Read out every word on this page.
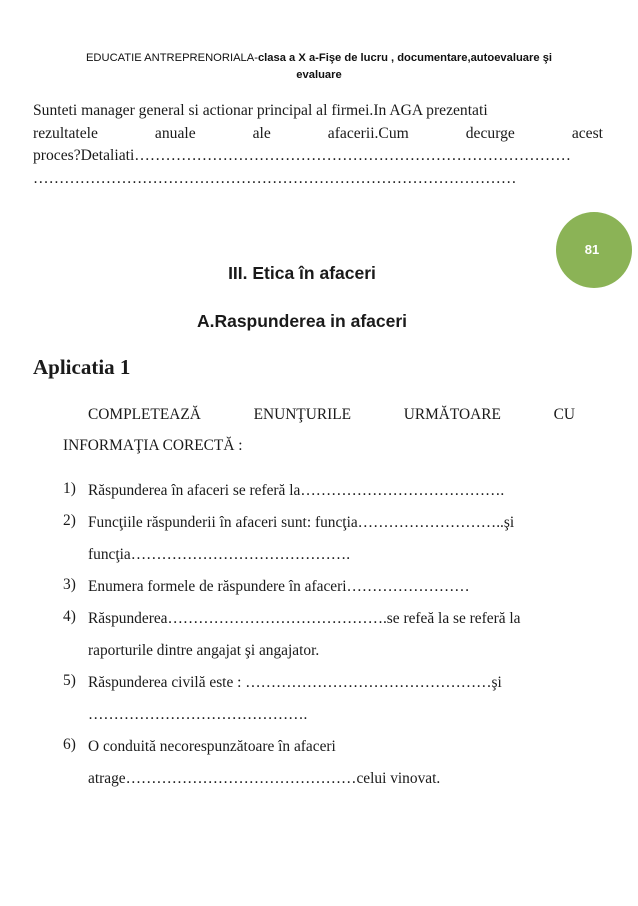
EDUCATIE ANTREPRENORIALA-clasa a X a-Fişe de lucru , documentare,autoevaluare şi
evaluare

Sunteti manager general si actionar principal al firmei.In AGA prezentati

rezultatele anuale ale afacerii.Cum decurge acest

proces?Detaliati…………………………………………………………………………

…………………………………………………………………………………

81
III. Etica în afaceri
A.Raspunderea in afaceri
Aplicatia 1
COMPLETEAZĂ	ENUNŢURILE	URMĂTOARE	CU
INFORMAŢIA CORECTĂ :
1) Răspunderea în afaceri se referă la………………………………….
2) Funcţiile răspunderii în afaceri sunt: funcţia………………………..şi
funcţia…………………………………….
3) Enumera formele de răspundere în afaceri……………………
4) Răspunderea…………………………………….se refeă la se referă la
raporturile dintre angajat şi angajator.
5) Răspunderea civilă este : …………………………………………şi
…………………………………….
6) O conduită necorespunzătoare în afaceri
atrage………………………………………celui vinovat.
